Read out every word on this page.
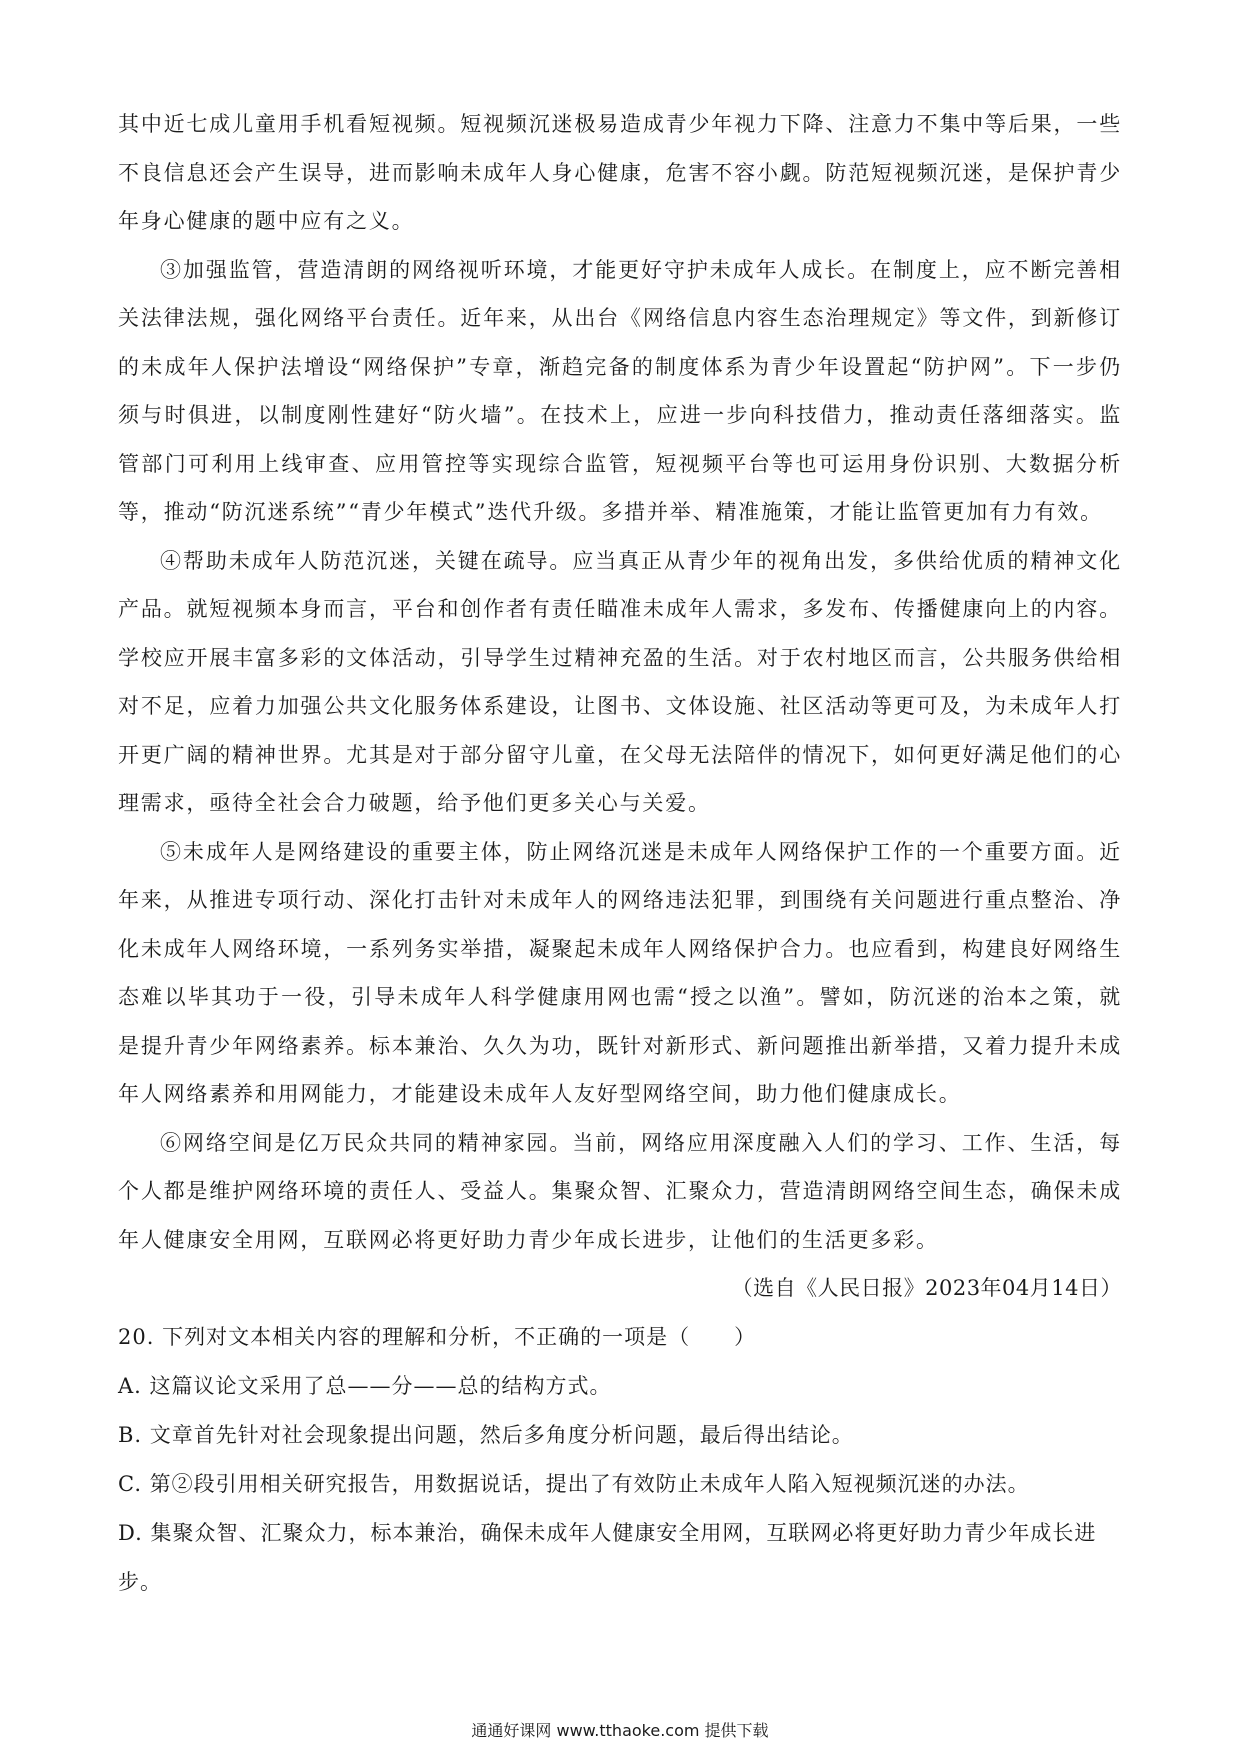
其中近七成儿童用手机看短视频。短视频沉迷极易造成青少年视力下降、注意力不集中等后果，一些不良信息还会产生误导，进而影响未成年人身心健康，危害不容小觑。防范短视频沉迷，是保护青少年身心健康的题中应有之义。

③加强监管，营造清朗的网络视听环境，才能更好守护未成年人成长。在制度上，应不断完善相关法律法规，强化网络平台责任。近年来，从出台《网络信息内容生态治理规定》等文件，到新修订的未成年人保护法增设“网络保护”专章，渐趋完备的制度体系为青少年设置起“防护网”。下一步仍须与时俱进，以制度刚性建好“防火墙”。在技术上，应进一步向科技借力，推动责任落细落实。监管部门可利用上线审查、应用管控等实现综合监管，短视频平台等也可运用身份识别、大数据分析等，推动“防沉迷系统”“青少年模式”迭代升级。多措并举、精准施策，才能让监管更加有力有效。

④帮助未成年人防范沉迷，关键在疏导。应当真正从青少年的视角出发，多供给优质的精神文化产品。就短视频本身而言，平台和创作者有责任瞄准未成年人需求，多发布、传播健康向上的内容。学校应开展丰富多彩的文体活动，引导学生过精神充盈的生活。对于农村地区而言，公共服务供给相对不足，应着力加强公共文化服务体系建设，让图书、文体设施、社区活动等更可及，为未成年人打开更广阔的精神世界。尤其是对于部分留守儿童，在父母无法陪伴的情况下，如何更好满足他们的心理需求，亟待全社会合力破题，给予他们更多关心与关爱。

⑤未成年人是网络建设的重要主体，防止网络沉迷是未成年人网络保护工作的一个重要方面。近年来，从推进专项行动、深化打击针对未成年人的网络违法犯罪，到围绕有关问题进行重点整治、净化未成年人网络环境，一系列务实举措，凝聚起未成年人网络保护合力。也应看到，构建良好网络生态难以毕其功于一役，引导未成年人科学健康用网也需“授之以渔”。譬如，防沉迷的治本之策，就是提升青少年网络素养。标本兼治、久久为功，既针对新形式、新问题推出新举措，又着力提升未成年人网络素养和用网能力，才能建设未成年人友好型网络空间，助力他们健康成长。

⑥网络空间是亿万民众共同的精神家园。当前，网络应用深度融入人们的学习、工作、生活，每个人都是维护网络环境的责任人、受益人。集聚众智、汇聚众力，营造清朗网络空间生态，确保未成年人健康安全用网，互联网必将更好助力青少年成长进步，让他们的生活更多彩。

（选自《人民日报》2023年04月14日）

20. 下列对文本相关内容的理解和分析，不正确的一项是（　　）

A. 这篇议论文采用了总——分——总的结构方式。

B. 文章首先针对社会现象提出问题，然后多角度分析问题，最后得出结论。

C. 第②段引用相关研究报告，用数据说话，提出了有效防止未成年人陷入短视频沉迷的办法。

D. 集聚众智、汇聚众力，标本兼治，确保未成年人健康安全用网，互联网必将更好助力青少年成长进步。

通通好课网 www.tthaoke.com 提供下载
